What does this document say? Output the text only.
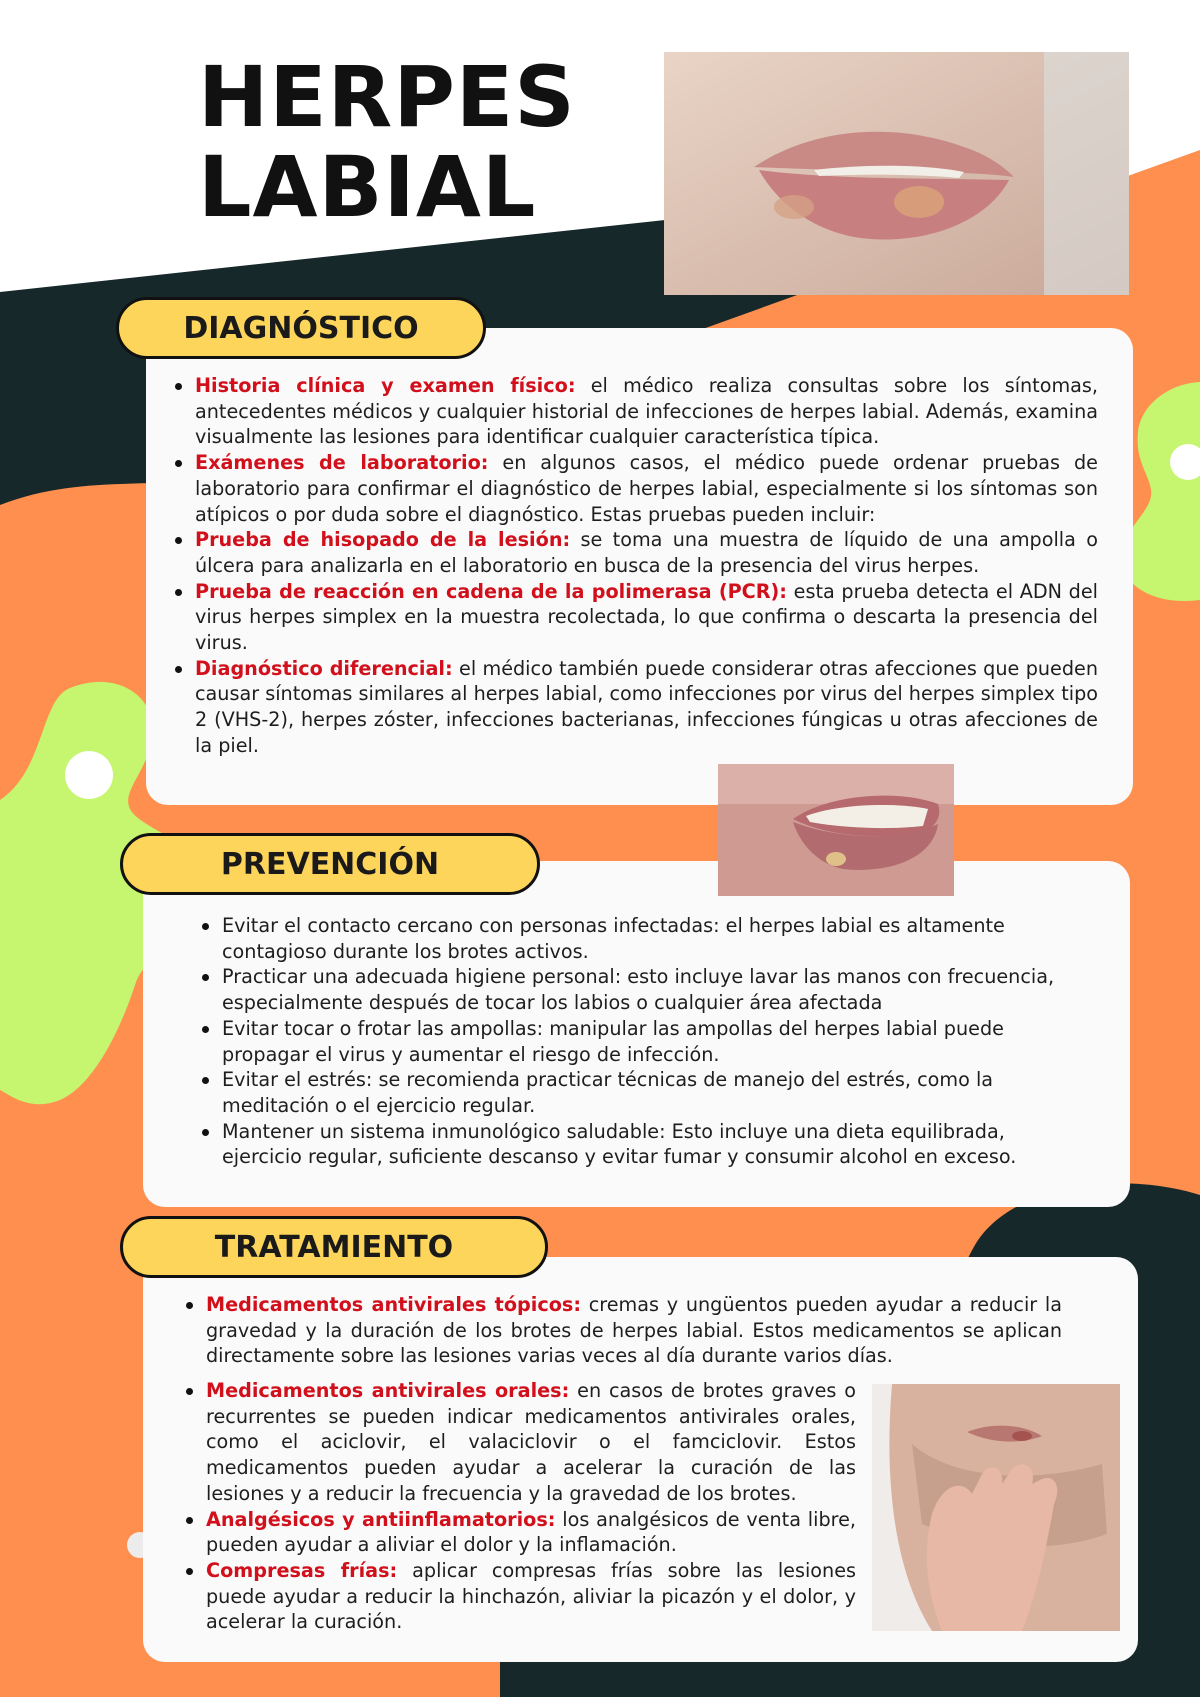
HERPES
LABIAL
DIAGNÓSTICO
Historia clínica y examen físico: el médico realiza consultas sobre los síntomas, antecedentes médicos y cualquier historial de infecciones de herpes labial. Además, examina visualmente las lesiones para identificar cualquier característica típica.
Exámenes de laboratorio: en algunos casos, el médico puede ordenar pruebas de laboratorio para confirmar el diagnóstico de herpes labial, especialmente si los síntomas son atípicos o por duda sobre el diagnóstico. Estas pruebas pueden incluir:
Prueba de hisopado de la lesión: se toma una muestra de líquido de una ampolla o úlcera para analizarla en el laboratorio en busca de la presencia del virus herpes.
Prueba de reacción en cadena de la polimerasa (PCR): esta prueba detecta el ADN del virus herpes simplex en la muestra recolectada, lo que confirma o descarta la presencia del virus.
Diagnóstico diferencial: el médico también puede considerar otras afecciones que pueden causar síntomas similares al herpes labial, como infecciones por virus del herpes simplex tipo 2 (VHS-2), herpes zóster, infecciones bacterianas, infecciones fúngicas u otras afecciones de la piel.
PREVENCIÓN
Evitar el contacto cercano con personas infectadas: el herpes labial es altamente contagioso durante los brotes activos.
Practicar una adecuada higiene personal: esto incluye lavar las manos con frecuencia, especialmente después de tocar los labios o cualquier área afectada
Evitar tocar o frotar las ampollas: manipular las ampollas del herpes labial puede propagar el virus y aumentar el riesgo de infección.
Evitar el estrés: se recomienda practicar técnicas de manejo del estrés, como la meditación o el ejercicio regular.
Mantener un sistema inmunológico saludable: Esto incluye una dieta equilibrada, ejercicio regular, suficiente descanso y evitar fumar y consumir alcohol en exceso.
TRATAMIENTO
Medicamentos antivirales tópicos: cremas y ungüentos pueden ayudar a reducir la gravedad y la duración de los brotes de herpes labial. Estos medicamentos se aplican directamente sobre las lesiones varias veces al día durante varios días.
Medicamentos antivirales orales: en casos de brotes graves o recurrentes se pueden indicar medicamentos antivirales orales, como el aciclovir, el valaciclovir o el famciclovir. Estos medicamentos pueden ayudar a acelerar la curación de las lesiones y a reducir la frecuencia y la gravedad de los brotes.
Analgésicos y antiinflamatorios: los analgésicos de venta libre, pueden ayudar a aliviar el dolor y la inflamación.
Compresas frías: aplicar compresas frías sobre las lesiones puede ayudar a reducir la hinchazón, aliviar la picazón y el dolor, y acelerar la curación.
